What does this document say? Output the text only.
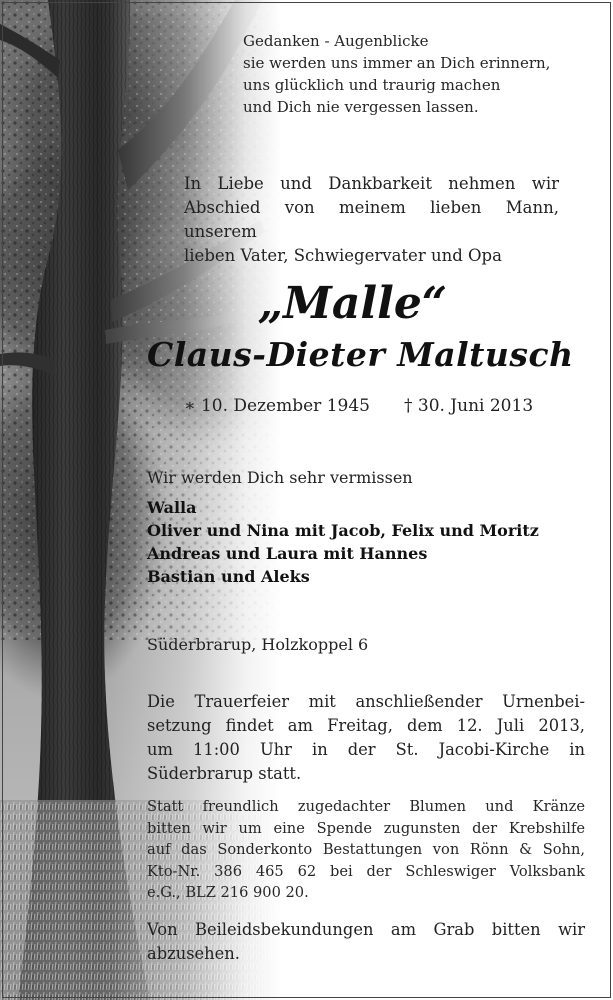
Gedanken - Augenblicke
sie werden uns immer an Dich erinnern,
uns glücklich und traurig machen
und Dich nie vergessen lassen.
In Liebe und Dankbarkeit nehmen wir
Abschied von meinem lieben Mann, unserem
lieben Vater, Schwiegervater und Opa
„Malle“
Claus-Dieter Maltusch
∗ 10. Dezember 1945 † 30. Juni 2013
Wir werden Dich sehr vermissen
Walla
Oliver und Nina mit Jacob, Felix und Moritz
Andreas und Laura mit Hannes
Bastian und Aleks
Süderbrarup, Holzkoppel 6
Die Trauerfeier mit anschließender Urnenbei-
setzung findet am Freitag, dem 12. Juli 2013,
um 11:00 Uhr in der St. Jacobi-Kirche in
Süderbrarup statt.
Statt freundlich zugedachter Blumen und Kränze
bitten wir um eine Spende zugunsten der Krebshilfe
auf das Sonderkonto Bestattungen von Rönn & Sohn,
Kto-Nr. 386 465 62 bei der Schleswiger Volksbank
e.G., BLZ 216 900 20.
Von Beileidsbekundungen am Grab bitten wir
abzusehen.
